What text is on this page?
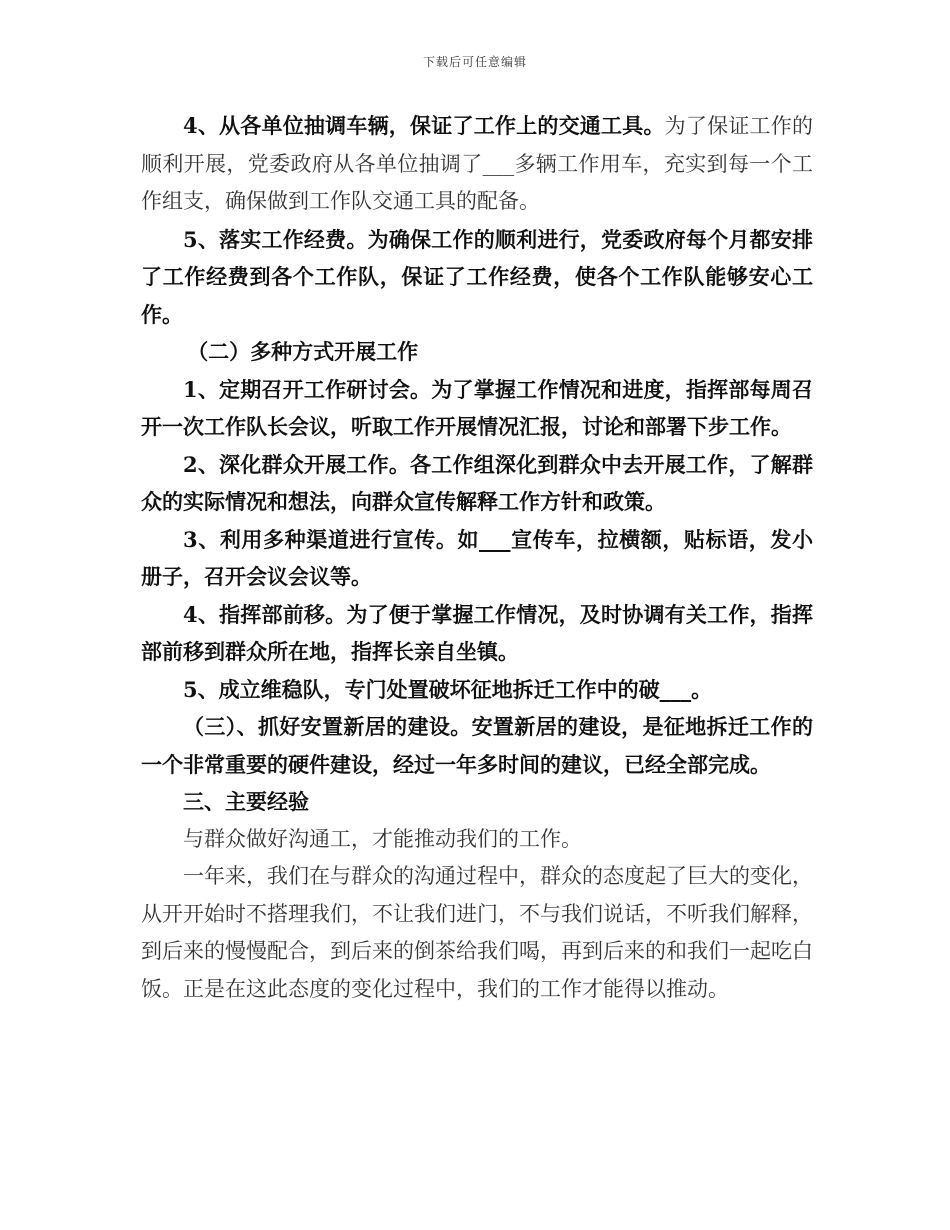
下载后可任意编辑

4、从各单位抽调车辆，保证了工作上的交通工具。为了保证工作的顺利开展，党委政府从各单位抽调了___多辆工作用车，充实到每一个工作组支，确保做到工作队交通工具的配备。

5、落实工作经费。为确保工作的顺利进行，党委政府每个月都安排了工作经费到各个工作队，保证了工作经费，使各个工作队能够安心工作。

（二）多种方式开展工作

1、定期召开工作研讨会。为了掌握工作情况和进度，指挥部每周召开一次工作队长会议，听取工作开展情况汇报，讨论和部署下步工作。

2、深化群众开展工作。各工作组深化到群众中去开展工作，了解群众的实际情况和想法，向群众宣传解释工作方针和政策。

3、利用多种渠道进行宣传。如___宣传车，拉横额，贴标语，发小册子，召开会议会议等。

4、指挥部前移。为了便于掌握工作情况，及时协调有关工作，指挥部前移到群众所在地，指挥长亲自坐镇。

5、成立维稳队，专门处置破坏征地拆迁工作中的破___。

（三）、抓好安置新居的建设。安置新居的建设，是征地拆迁工作的一个非常重要的硬件建设，经过一年多时间的建议，已经全部完成。

三、主要经验

与群众做好沟通工，才能推动我们的工作。

一年来，我们在与群众的沟通过程中，群众的态度起了巨大的变化，从开开始时不搭理我们，不让我们进门，不与我们说话，不听我们解释，到后来的慢慢配合，到后来的倒茶给我们喝，再到后来的和我们一起吃白饭。正是在这此态度的变化过程中，我们的工作才能得以推动。
